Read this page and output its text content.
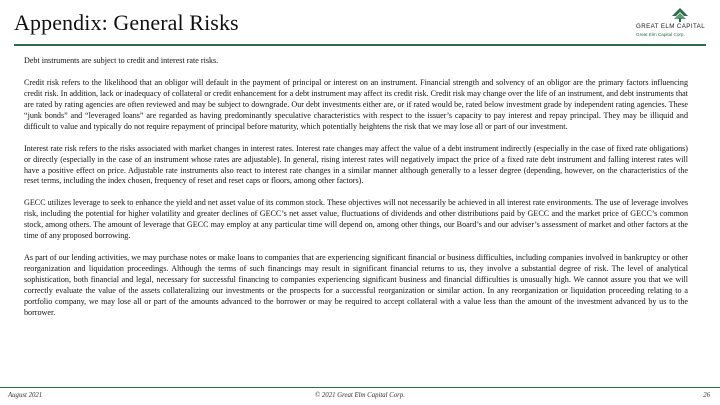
Appendix: General Risks	GREAT ELM CAPITAL
Great Elm Capital Corp.

Debt instruments are subject to credit and interest rate risks.

Credit risk refers to the likelihood that an obligor will default in the payment of principal or interest on an instrument. Financial strength and solvency of an obligor are the primary factors influencing credit risk. In addition, lack or inadequacy of collateral or credit enhancement for a debt instrument may affect its credit risk. Credit risk may change over the life of an instrument, and debt instruments that are rated by rating agencies are often reviewed and may be subject to downgrade. Our debt investments either are, or if rated would be, rated below investment grade by independent rating agencies. These “junk bonds” and “leveraged loans” are regarded as having predominantly speculative characteristics with respect to the issuer’s capacity to pay interest and repay principal. They may be illiquid and difficult to value and typically do not require repayment of principal before maturity, which potentially heightens the risk that we may lose all or part of our investment.

Interest rate risk refers to the risks associated with market changes in interest rates. Interest rate changes may affect the value of a debt instrument indirectly (especially in the case of fixed rate obligations) or directly (especially in the case of an instrument whose rates are adjustable). In general, rising interest rates will negatively impact the price of a fixed rate debt instrument and falling interest rates will have a positive effect on price. Adjustable rate instruments also react to interest rate changes in a similar manner although generally to a lesser degree (depending, however, on the characteristics of the reset terms, including the index chosen, frequency of reset and reset caps or floors, among other factors).

GECC utilizes leverage to seek to enhance the yield and net asset value of its common stock. These objectives will not necessarily be achieved in all interest rate environments. The use of leverage involves risk, including the potential for higher volatility and greater declines of GECC’s net asset value, fluctuations of dividends and other distributions paid by GECC and the market price of GECC’s common stock, among others. The amount of leverage that GECC may employ at any particular time will depend on, among other things, our Board’s and our adviser’s assessment of market and other factors at the time of any proposed borrowing.

As part of our lending activities, we may purchase notes or make loans to companies that are experiencing significant financial or business difficulties, including companies involved in bankruptcy or other reorganization and liquidation proceedings. Although the terms of such financings may result in significant financial returns to us, they involve a substantial degree of risk. The level of analytical sophistication, both financial and legal, necessary for successful financing to companies experiencing significant business and financial difficulties is unusually high. We cannot assure you that we will correctly evaluate the value of the assets collateralizing our investments or the prospects for a successful reorganization or similar action. In any reorganization or liquidation proceeding relating to a portfolio company, we may lose all or part of the amounts advanced to the borrower or may be required to accept collateral with a value less than the amount of the investment advanced by us to the borrower.

August 2021	© 2021 Great Elm Capital Corp.	26
